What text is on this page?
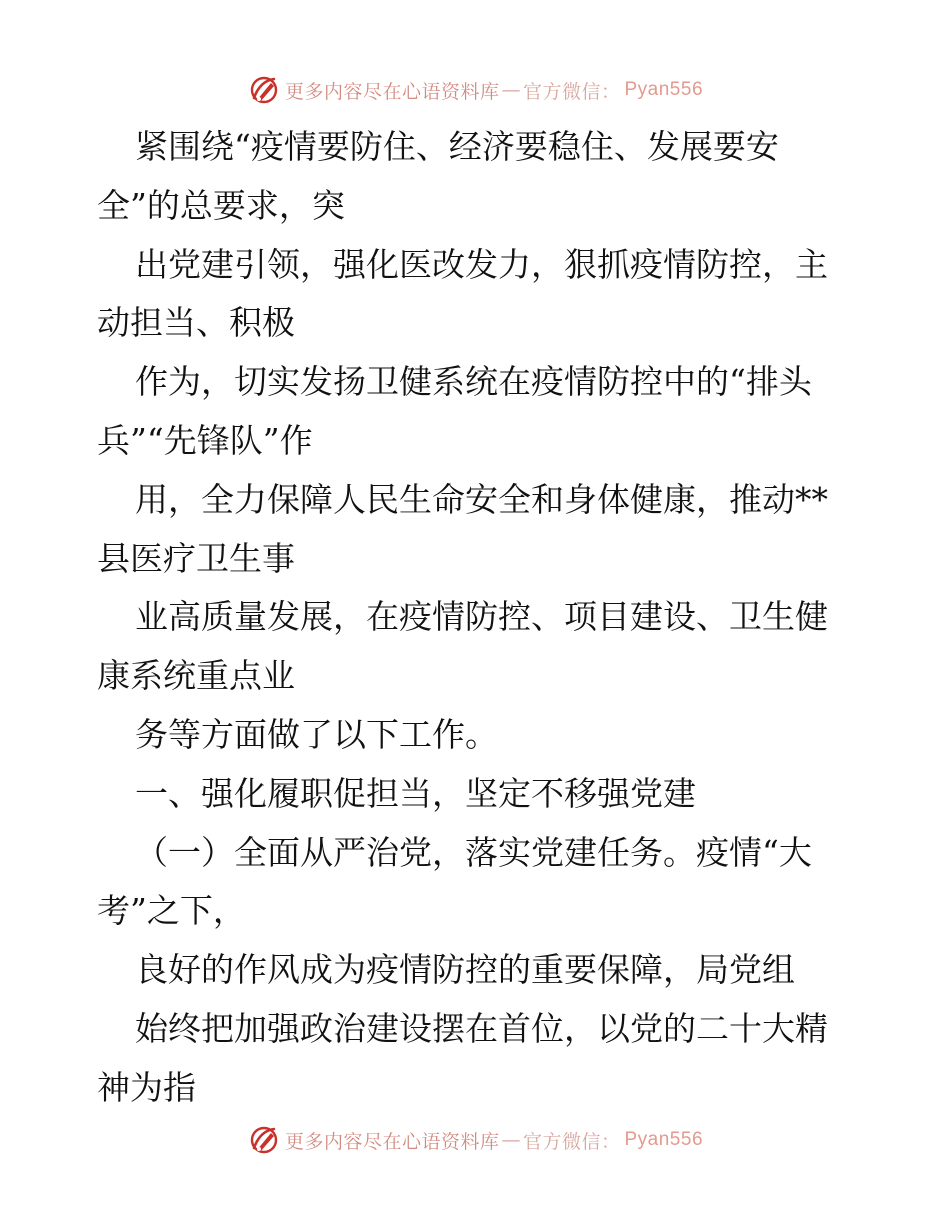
更多内容尽在心语资料库 — 官方微信： Pyan556
紧围绕“疫情要防住、经济要稳住、发展要安
全”的总要求，突
出党建引领，强化医改发力，狠抓疫情防控，主
动担当、积极
作为，切实发扬卫健系统在疫情防控中的“排头
兵”“先锋队”作
用，全力保障人民生命安全和身体健康，推动**
县医疗卫生事
业高质量发展，在疫情防控、项目建设、卫生健
康系统重点业
务等方面做了以下工作。
一、强化履职促担当，坚定不移强党建
（一）全面从严治党，落实党建任务。疫情“大
考”之下，
良好的作风成为疫情防控的重要保障，局党组
始终把加强政治建设摆在首位，以党的二十大精
神为指
更多内容尽在心语资料库 — 官方微信： Pyan556
